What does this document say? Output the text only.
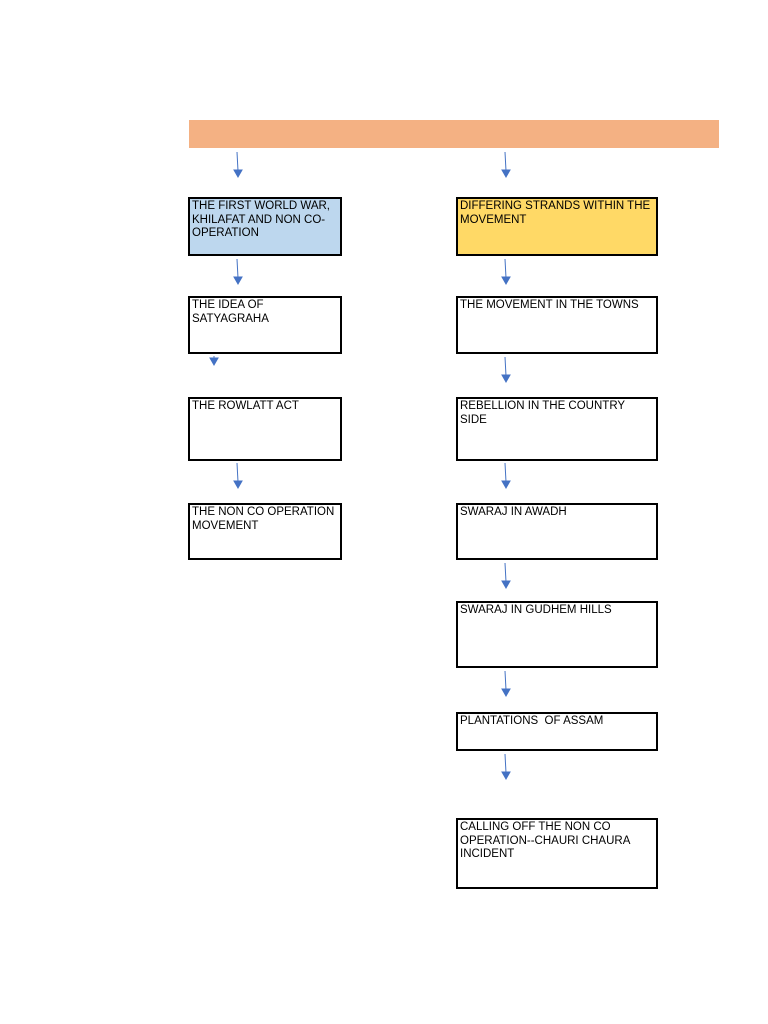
THE FIRST WORLD WAR, KHILAFAT AND NON CO-OPERATION
THE IDEA OF SATYAGRAHA
THE ROWLATT ACT
THE NON CO OPERATION MOVEMENT
DIFFERING STRANDS WITHIN THE MOVEMENT
THE MOVEMENT IN THE TOWNS
REBELLION IN THE COUNTRY SIDE
SWARAJ IN AWADH
SWARAJ IN GUDHEM HILLS
PLANTATIONS  OF ASSAM
CALLING OFF THE NON CO OPERATION--CHAURI CHAURA INCIDENT
